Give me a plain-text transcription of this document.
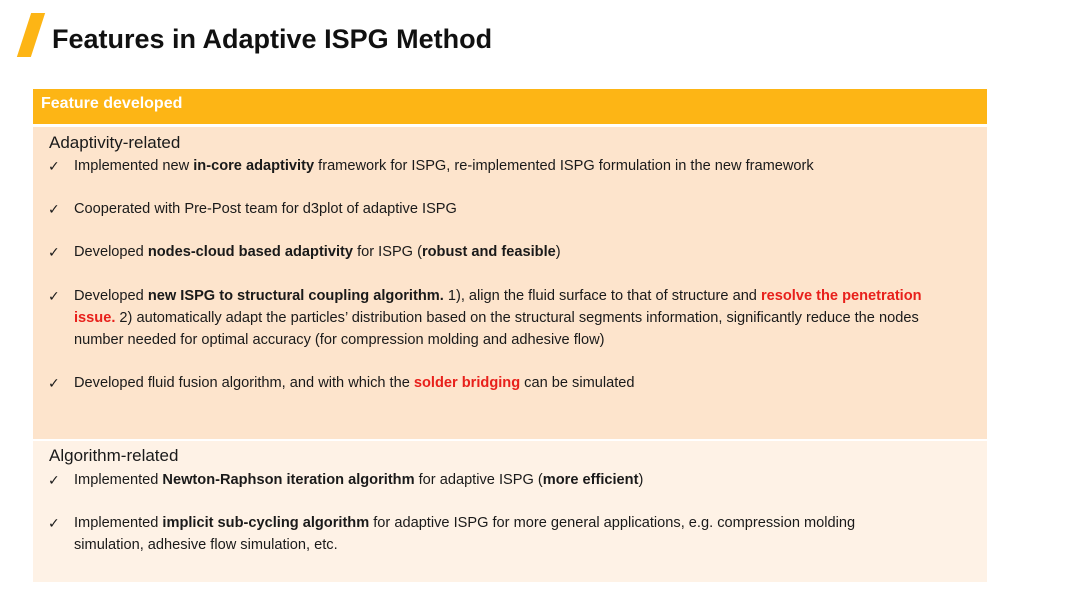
Features in Adaptive ISPG Method
Feature developed
Adaptivity-related
✓ Implemented new in-core adaptivity framework for ISPG, re-implemented ISPG formulation in the new framework
✓ Cooperated with Pre-Post team for d3plot of adaptive ISPG
✓ Developed nodes-cloud based adaptivity for ISPG (robust and feasible)
✓ Developed new ISPG to structural coupling algorithm. 1), align the fluid surface to that of structure and resolve the penetration issue. 2) automatically adapt the particles’ distribution based on the structural segments information, significantly reduce the nodes number needed for optimal accuracy (for compression molding and adhesive flow)
✓ Developed fluid fusion algorithm, and with which the solder bridging can be simulated
Algorithm-related
✓ Implemented Newton-Raphson iteration algorithm for adaptive ISPG (more efficient)
✓ Implemented implicit sub-cycling algorithm for adaptive ISPG for more general applications, e.g. compression molding simulation, adhesive flow simulation, etc.
